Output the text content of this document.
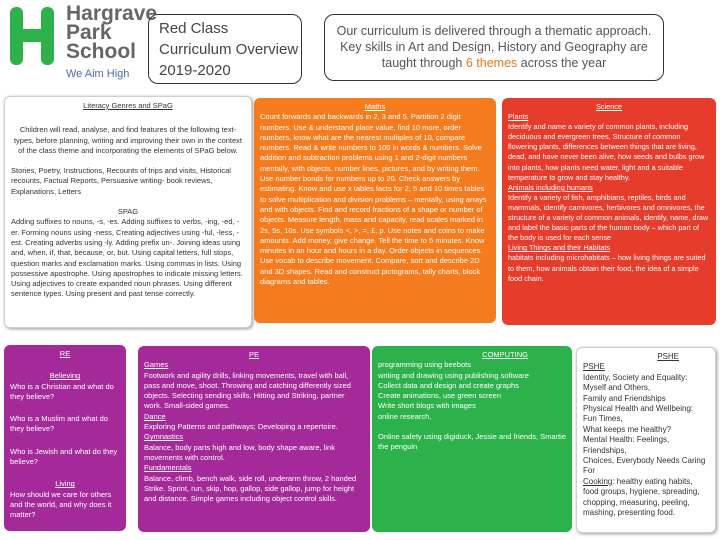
Hargrave
Park
School
We Aim High
Red Class
Curriculum Overview
2019-2020
Our curriculum is delivered through a thematic approach. Key skills in Art and Design, History and Geography are taught through 6 themes across the year
Literacy Genres and SPaG

Children will read, analyse, and find features of the following text-types, before planning, writing and improving their own in the context of the class theme and incorporating the elements of SPaG below.

Stories, Poetry, Instructions, Recounts of trips and visits, Historical recounts, Factual Reports, Persuasive writing- book reviews, Explanations, Letters

SPAG

Adding suffixes to nouns, -s, -es. Adding suffixes to verbs, -ing, -ed, -er. Forming nouns using -ness, Creating adjectives using -ful, -less, -est. Creating adverbs using -ly. Adding prefix un-. Joining ideas using and, when, if, that, because, or, but. Using capital letters, full stops, question marks and exclamation marks. Using commas in lists. Using possessive apostrophe. Using apostrophes to indicate missing letters. Using adjectives to create expanded noun phrases. Using different sentence types. Using present and past tense correctly.

Maths

Count forwards and backwards in 2, 3 and 5. Partition 2 digit numbers. Use & understand place value, find 10 more, order numbers, know what are the nearest multiples of 10, compare numbers. Read & write numbers to 100 in words & numbers. Solve addition and subtraction problems using 1 and 2-digit numbers mentally, with objects, number lines, pictures, and by writing them. Use number bonds for numbers up to 20. Check answers by estimating. Know and use x tables facts for 2, 5 and 10 times tables to solve multiplication and division problems – mentally, using arrays and with objects. Find and record fractions of a shape or number of objects. Measure length, mass and capacity, read scales marked in 2s, 5s, 10s. Use symbols <, >, =, £, p. Use notes and coins to make amounts. Add money, give change. Tell the time to 5 minutes. Know minutes in an hour and hours in a day. Order objects in sequences. Use vocab to describe movement. Compare, sort and describe 2D and 3D shapes. Read and construct pictograms, tally charts, block diagrams and tables.

Science
Plants

Identify and name a variety of common plants, including deciduous and evergreen trees, Structure of common flowering plants, differences between things that are living, dead, and have never been alive, how seeds and bulbs grow into plants, how plants need water, light and a suitable temperature to grow and stay healthy.

Animals including humans

Identify a variety of fish, amphibians, reptiles, birds and mammals, identify carnivores, herbivores and omnivores, the structure of a variety of common animals, identify, name, draw and label the basic parts of the human body – which part of the body is used for each sense

Living Things and their Habitats

habitats including microhabitats – how living things are suited to them, how animals obtain their food, the idea of a simple food chain.

RE
Believing

Who is a Christian and what do they believe?

Who is a Muslim and what do they believe?

Who is Jewish and what do they believe?

Living

How should we care for others and the world, and why does it matter?

PE
Games

Footwork and agility drills, linking movements, travel with ball, pass and move, shoot. Throwing and catching differently sized objects. Selecting sending skills. Hitting and Striking, partner work. Small-sided games.

Dance

Exploring Patterns and pathways; Developing a repertoire.

Gymnastics

Balance, body parts high and low, body shape aware, link movements with control.

Fundamentals

Balance, climb, bench walk, side roll, underarm throw, 2 handed Strike. Sprint, run, skip, hop, gallop, side gallop, jump for height and distance. Simple games including object control skills.

COMPUTING

programming using beebots

writing and drawing using publishing software

Collect data and design and create graphs

Create animations, use green screen

Write short blogs with images

online research,

Online safety using digiduck, Jessie and friends, Smartie the penguin

PSHE
PSHE

Identity, Society and Equality: Myself and Others,

Family and Friendships

Physical Health and Wellbeing: Fun Times,

What keeps me healthy?

Mental Health: Feelings, Friendships,

Choices, Everybody Needs Caring For

Cooking: healthy eating habits, food groups, hygiene, spreading, chopping, measuring, peeling, mashing, presenting food.
